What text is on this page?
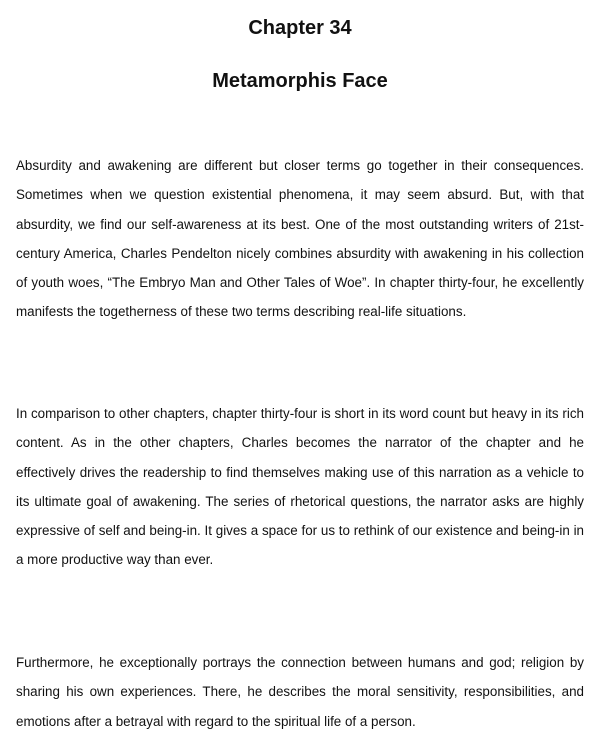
Chapter 34
Metamorphis Face

Absurdity and awakening are different but closer terms go together in their consequences. Sometimes when we question existential phenomena, it may seem absurd. But, with that absurdity, we find our self-awareness at its best. One of the most outstanding writers of 21st-century America, Charles Pendelton nicely combines absurdity with awakening in his collection of youth woes, “The Embryo Man and Other Tales of Woe”. In chapter thirty-four, he excellently manifests the togetherness of these two terms describing real-life situations.

In comparison to other chapters, chapter thirty-four is short in its word count but heavy in its rich content. As in the other chapters, Charles becomes the narrator of the chapter and he effectively drives the readership to find themselves making use of this narration as a vehicle to its ultimate goal of awakening. The series of rhetorical questions, the narrator asks are highly expressive of self and being-in. It gives a space for us to rethink of our existence and being-in in a more productive way than ever.

Furthermore, he exceptionally portrays the connection between humans and god; religion by sharing his own experiences. There, he describes the moral sensitivity, responsibilities, and emotions after a betrayal with regard to the spiritual life of a person.
